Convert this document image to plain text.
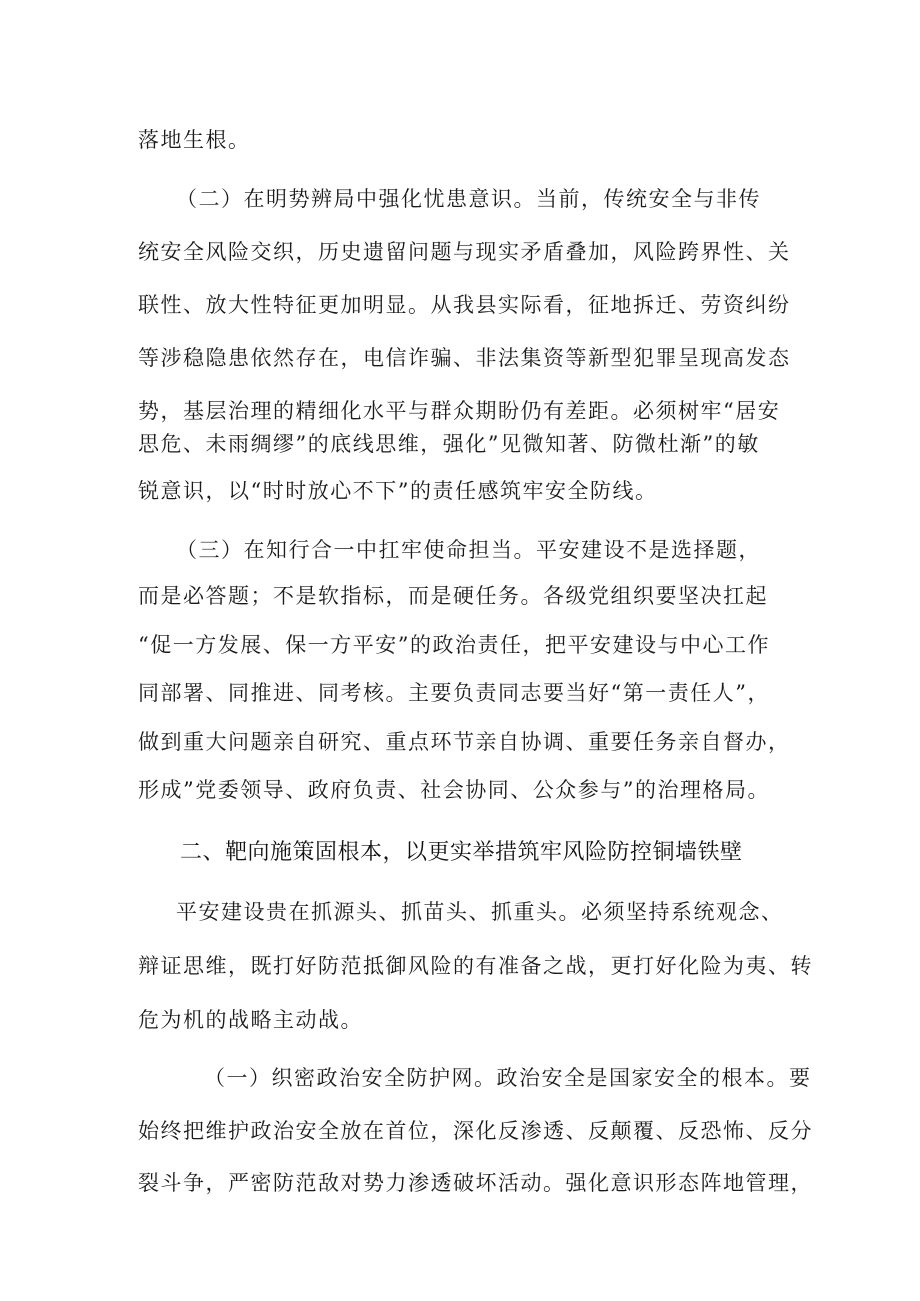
落地生根。
（二）在明势辨局中强化忧患意识。当前，传统安全与非传
统安全风险交织，历史遗留问题与现实矛盾叠加，风险跨界性、关
联性、放大性特征更加明显。从我县实际看，征地拆迁、劳资纠纷
等涉稳隐患依然存在，电信诈骗、非法集资等新型犯罪呈现高发态
势，基层治理的精细化水平与群众期盼仍有差距。必须树牢“居安
思危、未雨绸缪”的底线思维，强化”见微知著、防微杜渐”的敏
锐意识，以“时时放心不下”的责任感筑牢安全防线。
（三）在知行合一中扛牢使命担当。平安建设不是选择题，
而是必答题；不是软指标，而是硬任务。各级党组织要坚决扛起
“促一方发展、保一方平安”的政治责任，把平安建设与中心工作
同部署、同推进、同考核。主要负责同志要当好“第一责任人”，
做到重大问题亲自研究、重点环节亲自协调、重要任务亲自督办，
形成”党委领导、政府负责、社会协同、公众参与”的治理格局。
二、靶向施策固根本，以更实举措筑牢风险防控铜墙铁壁
平安建设贵在抓源头、抓苗头、抓重头。必须坚持系统观念、
辩证思维，既打好防范抵御风险的有准备之战，更打好化险为夷、转
危为机的战略主动战。
（一）织密政治安全防护网。政治安全是国家安全的根本。要
始终把维护政治安全放在首位，深化反渗透、反颠覆、反恐怖、反分
裂斗争，严密防范敌对势力渗透破坏活动。强化意识形态阵地管理，
